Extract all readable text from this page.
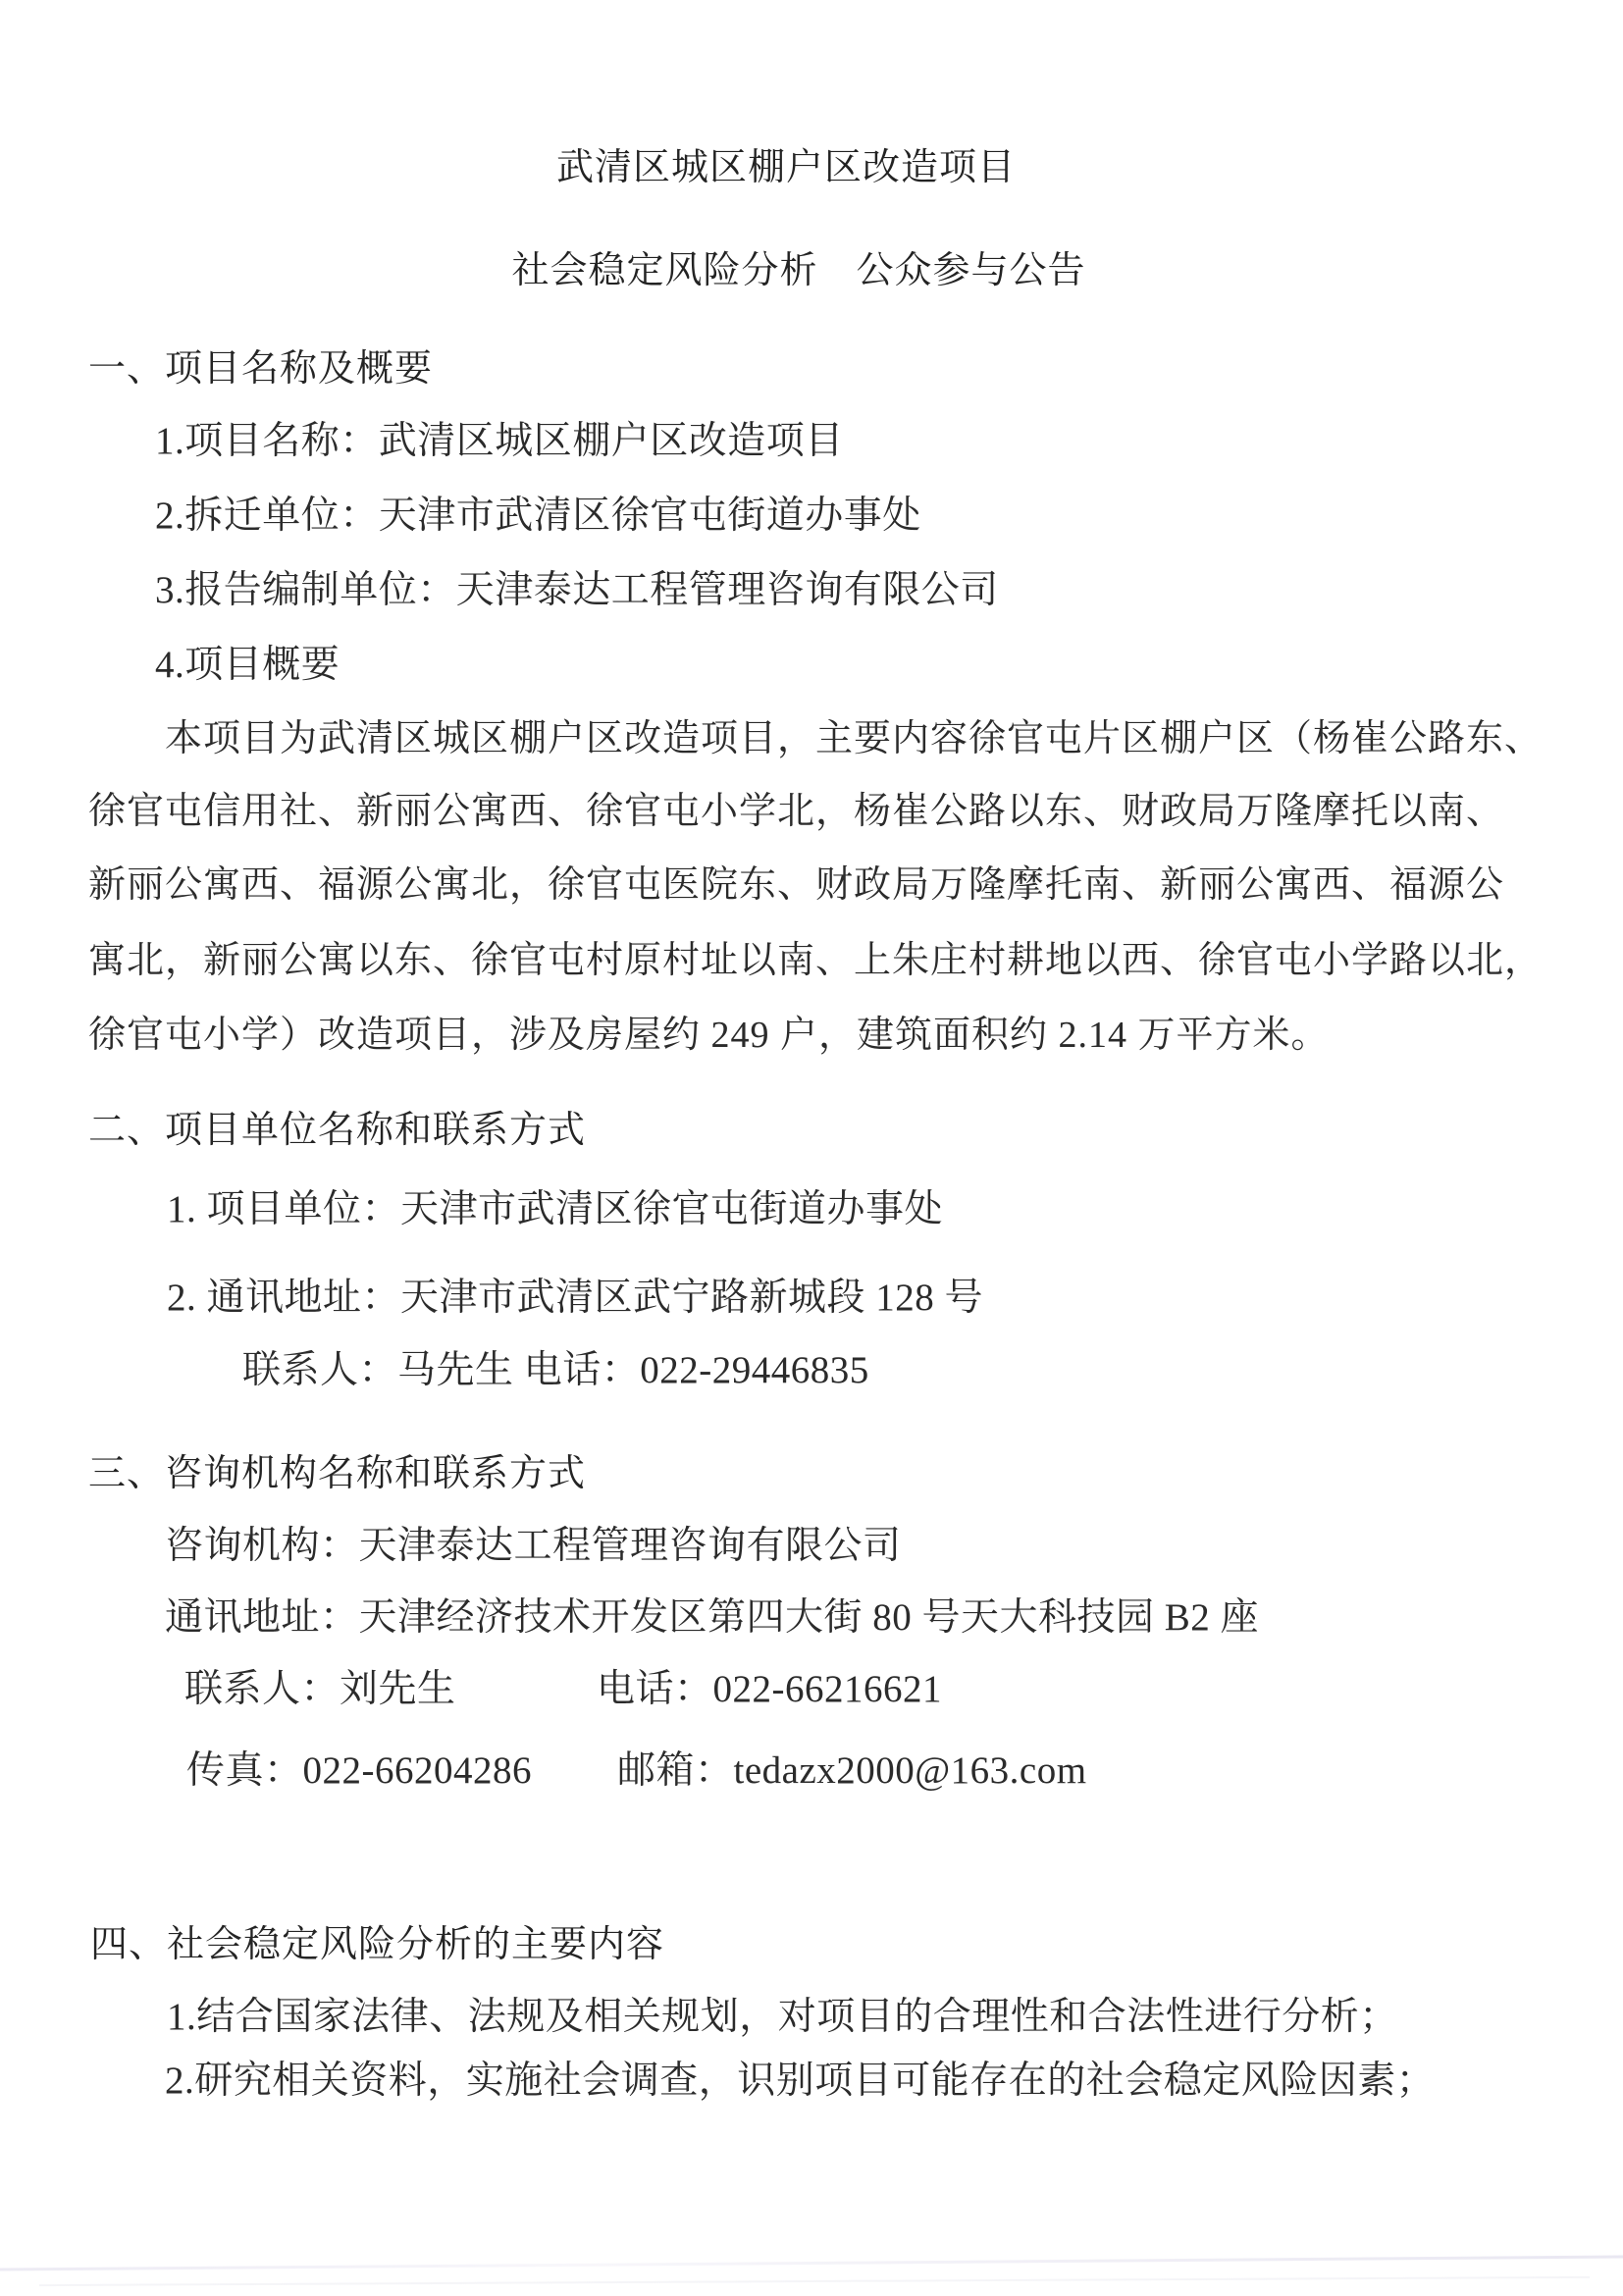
武清区城区棚户区改造项目
社会稳定风险分析　公众参与公告
一、项目名称及概要
1.项目名称：武清区城区棚户区改造项目
2.拆迁单位：天津市武清区徐官屯街道办事处
3.报告编制单位：天津泰达工程管理咨询有限公司
4.项目概要
本项目为武清区城区棚户区改造项目，主要内容徐官屯片区棚户区（杨崔公路东、
徐官屯信用社、新丽公寓西、徐官屯小学北，杨崔公路以东、财政局万隆摩托以南、
新丽公寓西、福源公寓北，徐官屯医院东、财政局万隆摩托南、新丽公寓西、福源公
寓北，新丽公寓以东、徐官屯村原村址以南、上朱庄村耕地以西、徐官屯小学路以北，
徐官屯小学）改造项目，涉及房屋约 249 户，建筑面积约 2.14 万平方米。
二、项目单位名称和联系方式
1. 项目单位：天津市武清区徐官屯街道办事处
2. 通讯地址：天津市武清区武宁路新城段 128 号
联系人：马先生 电话：022-29446835
三、咨询机构名称和联系方式
咨询机构：天津泰达工程管理咨询有限公司
通讯地址：天津经济技术开发区第四大街 80 号天大科技园 B2 座
联系人：刘先生	电话：022-66216621
传真：022-66204286 邮箱：tedazx2000@163.com
四、社会稳定风险分析的主要内容
1.结合国家法律、法规及相关规划，对项目的合理性和合法性进行分析；
2.研究相关资料，实施社会调查，识别项目可能存在的社会稳定风险因素；
